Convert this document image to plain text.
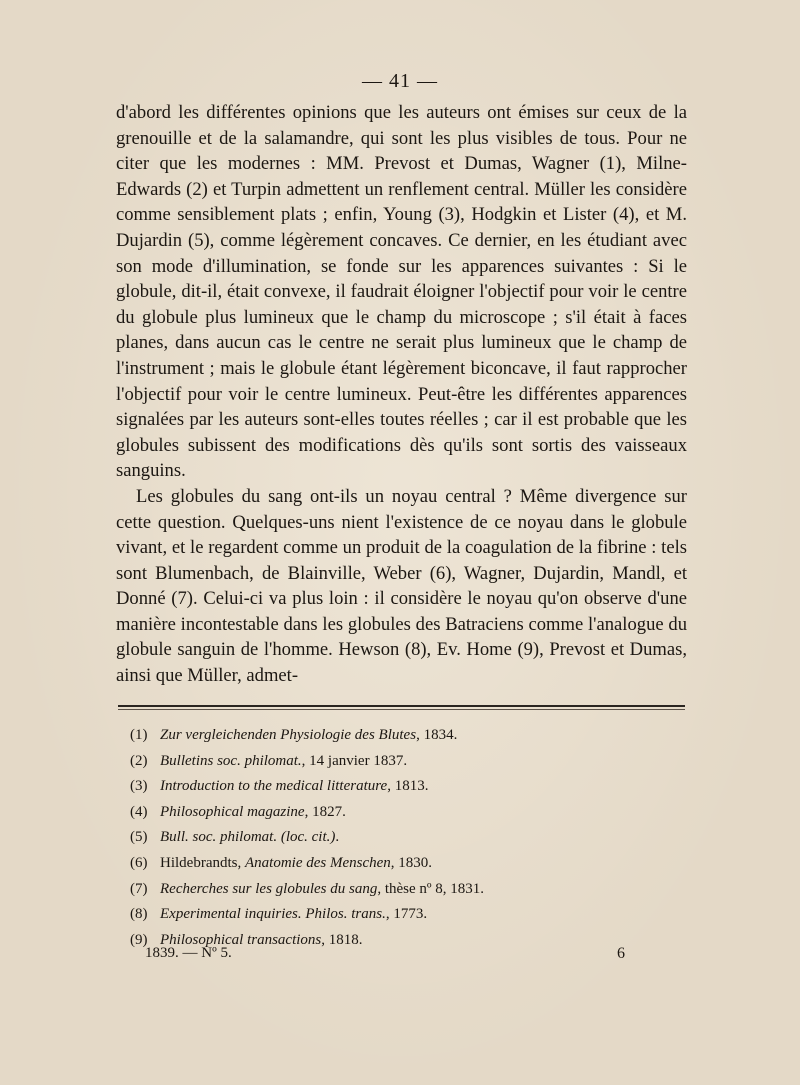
— 41 —

d'abord les différentes opinions que les auteurs ont émises sur ceux de la grenouille et de la salamandre, qui sont les plus visibles de tous. Pour ne citer que les modernes : MM. Prevost et Dumas, Wagner (1), Milne-Edwards (2) et Turpin admettent un renflement central. Müller les considère comme sensiblement plats ; enfin, Young (3), Hodgkin et Lister (4), et M. Dujardin (5), comme légèrement concaves. Ce dernier, en les étudiant avec son mode d'illumination, se fonde sur les apparences suivantes : Si le globule, dit-il, était convexe, il faudrait éloigner l'objectif pour voir le centre du globule plus lumineux que le champ du microscope ; s'il était à faces planes, dans aucun cas le centre ne serait plus lumineux que le champ de l'instrument ; mais le globule étant légèrement biconcave, il faut rapprocher l'objectif pour voir le centre lumineux. Peut-être les différentes apparences signalées par les auteurs sont-elles toutes réelles ; car il est probable que les globules subissent des modifications dès qu'ils sont sortis des vaisseaux sanguins.

Les globules du sang ont-ils un noyau central ? Même divergence sur cette question. Quelques-uns nient l'existence de ce noyau dans le globule vivant, et le regardent comme un produit de la coagulation de la fibrine : tels sont Blumenbach, de Blainville, Weber (6), Wagner, Dujardin, Mandl, et Donné (7). Celui-ci va plus loin : il considère le noyau qu'on observe d'une manière incontestable dans les globules des Batraciens comme l'analogue du globule sanguin de l'homme. Hewson (8), Ev. Home (9), Prevost et Dumas, ainsi que Müller, admet-

(1) Zur vergleichenden Physiologie des Blutes, 1834.
(2) Bulletins soc. philomat., 14 janvier 1837.
(3) Introduction to the medical litterature, 1813.
(4) Philosophical magazine, 1827.
(5) Bull. soc. philomat. (loc. cit.).
(6) Hildebrandts, Anatomie des Menschen, 1830.
(7) Recherches sur les globules du sang, thèse nº 8, 1831.
(8) Experimental inquiries. Philos. trans., 1773.
(9) Philosophical transactions, 1818.
1839. — Nº 5.	6
